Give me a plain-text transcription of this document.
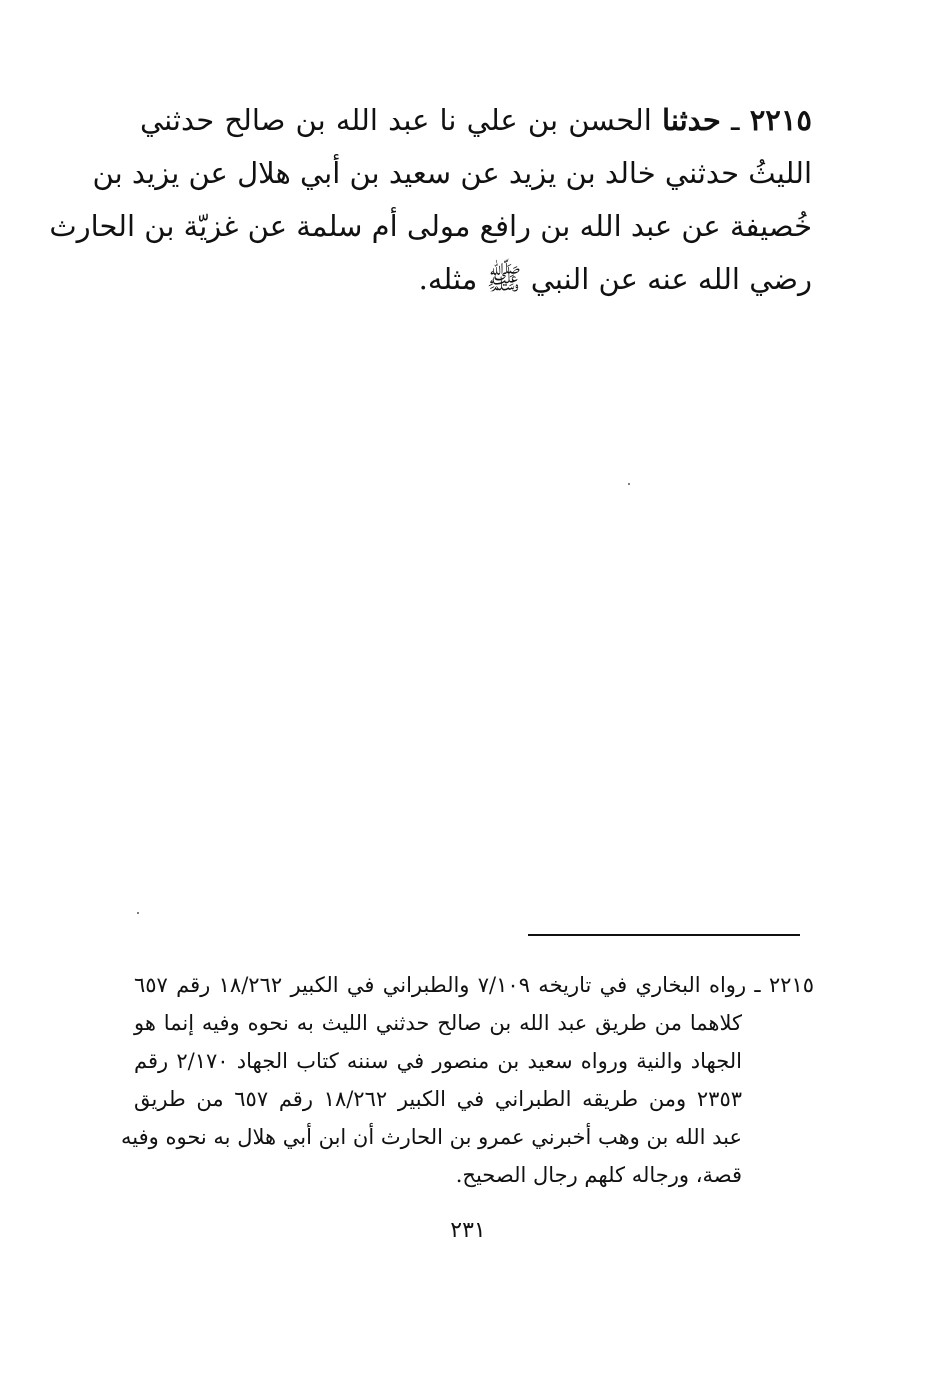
٢٢١٥ ـ حدثنا الحسن بن علي نا عبد الله بن صالح حدثني
الليثُ حدثني خالد بن يزيد عن سعيد بن أبي هلال عن يزيد بن
خُصيفة عن عبد الله بن رافع مولى أم سلمة عن غزيّة بن الحارث
رضي الله عنه عن النبي ﷺ مثله.
٢٢١٥ ـ رواه البخاري في تاريخه ٧/١٠٩ والطبراني في الكبير ١٨/٢٦٢ رقم ٦٥٧
كلاهما من طريق عبد الله بن صالح حدثني الليث به نحوه وفيه إنما هو
الجهاد والنية ورواه سعيد بن منصور في سننه كتاب الجهاد ٢/١٧٠ رقم
٢٣٥٣ ومن طريقه الطبراني في الكبير ١٨/٢٦٢ رقم ٦٥٧ من طريق
عبد الله بن وهب أخبرني عمرو بن الحارث أن ابن أبي هلال به نحوه وفيه
قصة، ورجاله كلهم رجال الصحيح.
٢٣١
